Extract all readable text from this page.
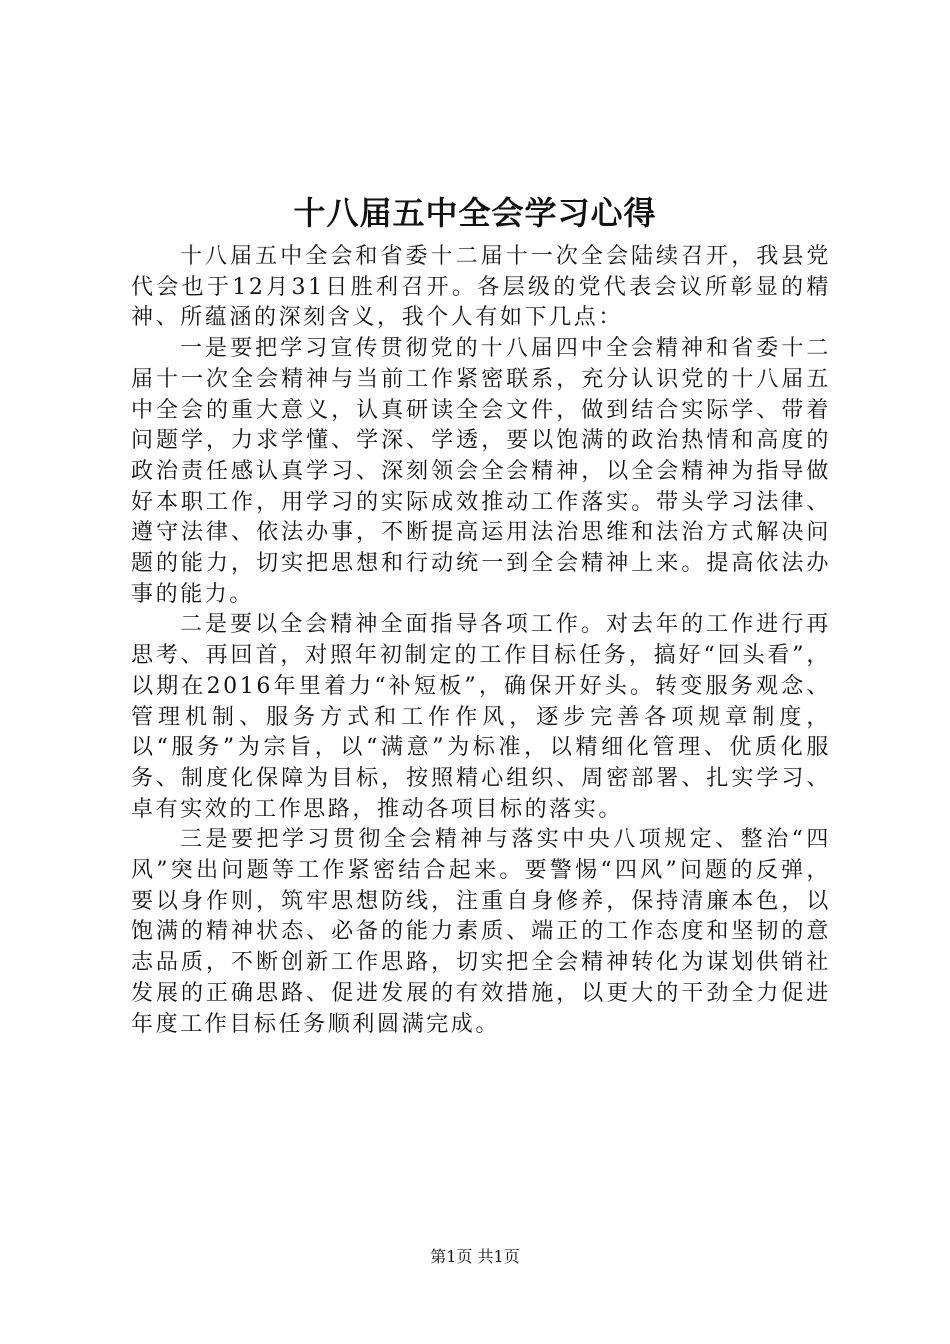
十八届五中全会学习心得

十八届五中全会和省委十二届十一次全会陆续召开，我县党代会也于12月31日胜利召开。各层级的党代表会议所彰显的精神、所蕴涵的深刻含义，我个人有如下几点：

一是要把学习宣传贯彻党的十八届四中全会精神和省委十二届十一次全会精神与当前工作紧密联系，充分认识党的十八届五中全会的重大意义，认真研读全会文件，做到结合实际学、带着问题学，力求学懂、学深、学透，要以饱满的政治热情和高度的政治责任感认真学习、深刻领会全会精神，以全会精神为指导做好本职工作，用学习的实际成效推动工作落实。带头学习法律、遵守法律、依法办事，不断提高运用法治思维和法治方式解决问题的能力，切实把思想和行动统一到全会精神上来。提高依法办事的能力。

二是要以全会精神全面指导各项工作。对去年的工作进行再思考、再回首，对照年初制定的工作目标任务，搞好“回头看”，以期在2016年里着力“补短板”，确保开好头。转变服务观念、管理机制、服务方式和工作作风，逐步完善各项规章制度，以“服务”为宗旨，以“满意”为标准，以精细化管理、优质化服务、制度化保障为目标，按照精心组织、周密部署、扎实学习、卓有实效的工作思路，推动各项目标的落实。

三是要把学习贯彻全会精神与落实中央八项规定、整治“四风”突出问题等工作紧密结合起来。要警惕“四风”问题的反弹，要以身作则，筑牢思想防线，注重自身修养，保持清廉本色，以饱满的精神状态、必备的能力素质、端正的工作态度和坚韧的意志品质，不断创新工作思路，切实把全会精神转化为谋划供销社发展的正确思路、促进发展的有效措施，以更大的干劲全力促进年度工作目标任务顺利圆满完成。

第1页 共1页
